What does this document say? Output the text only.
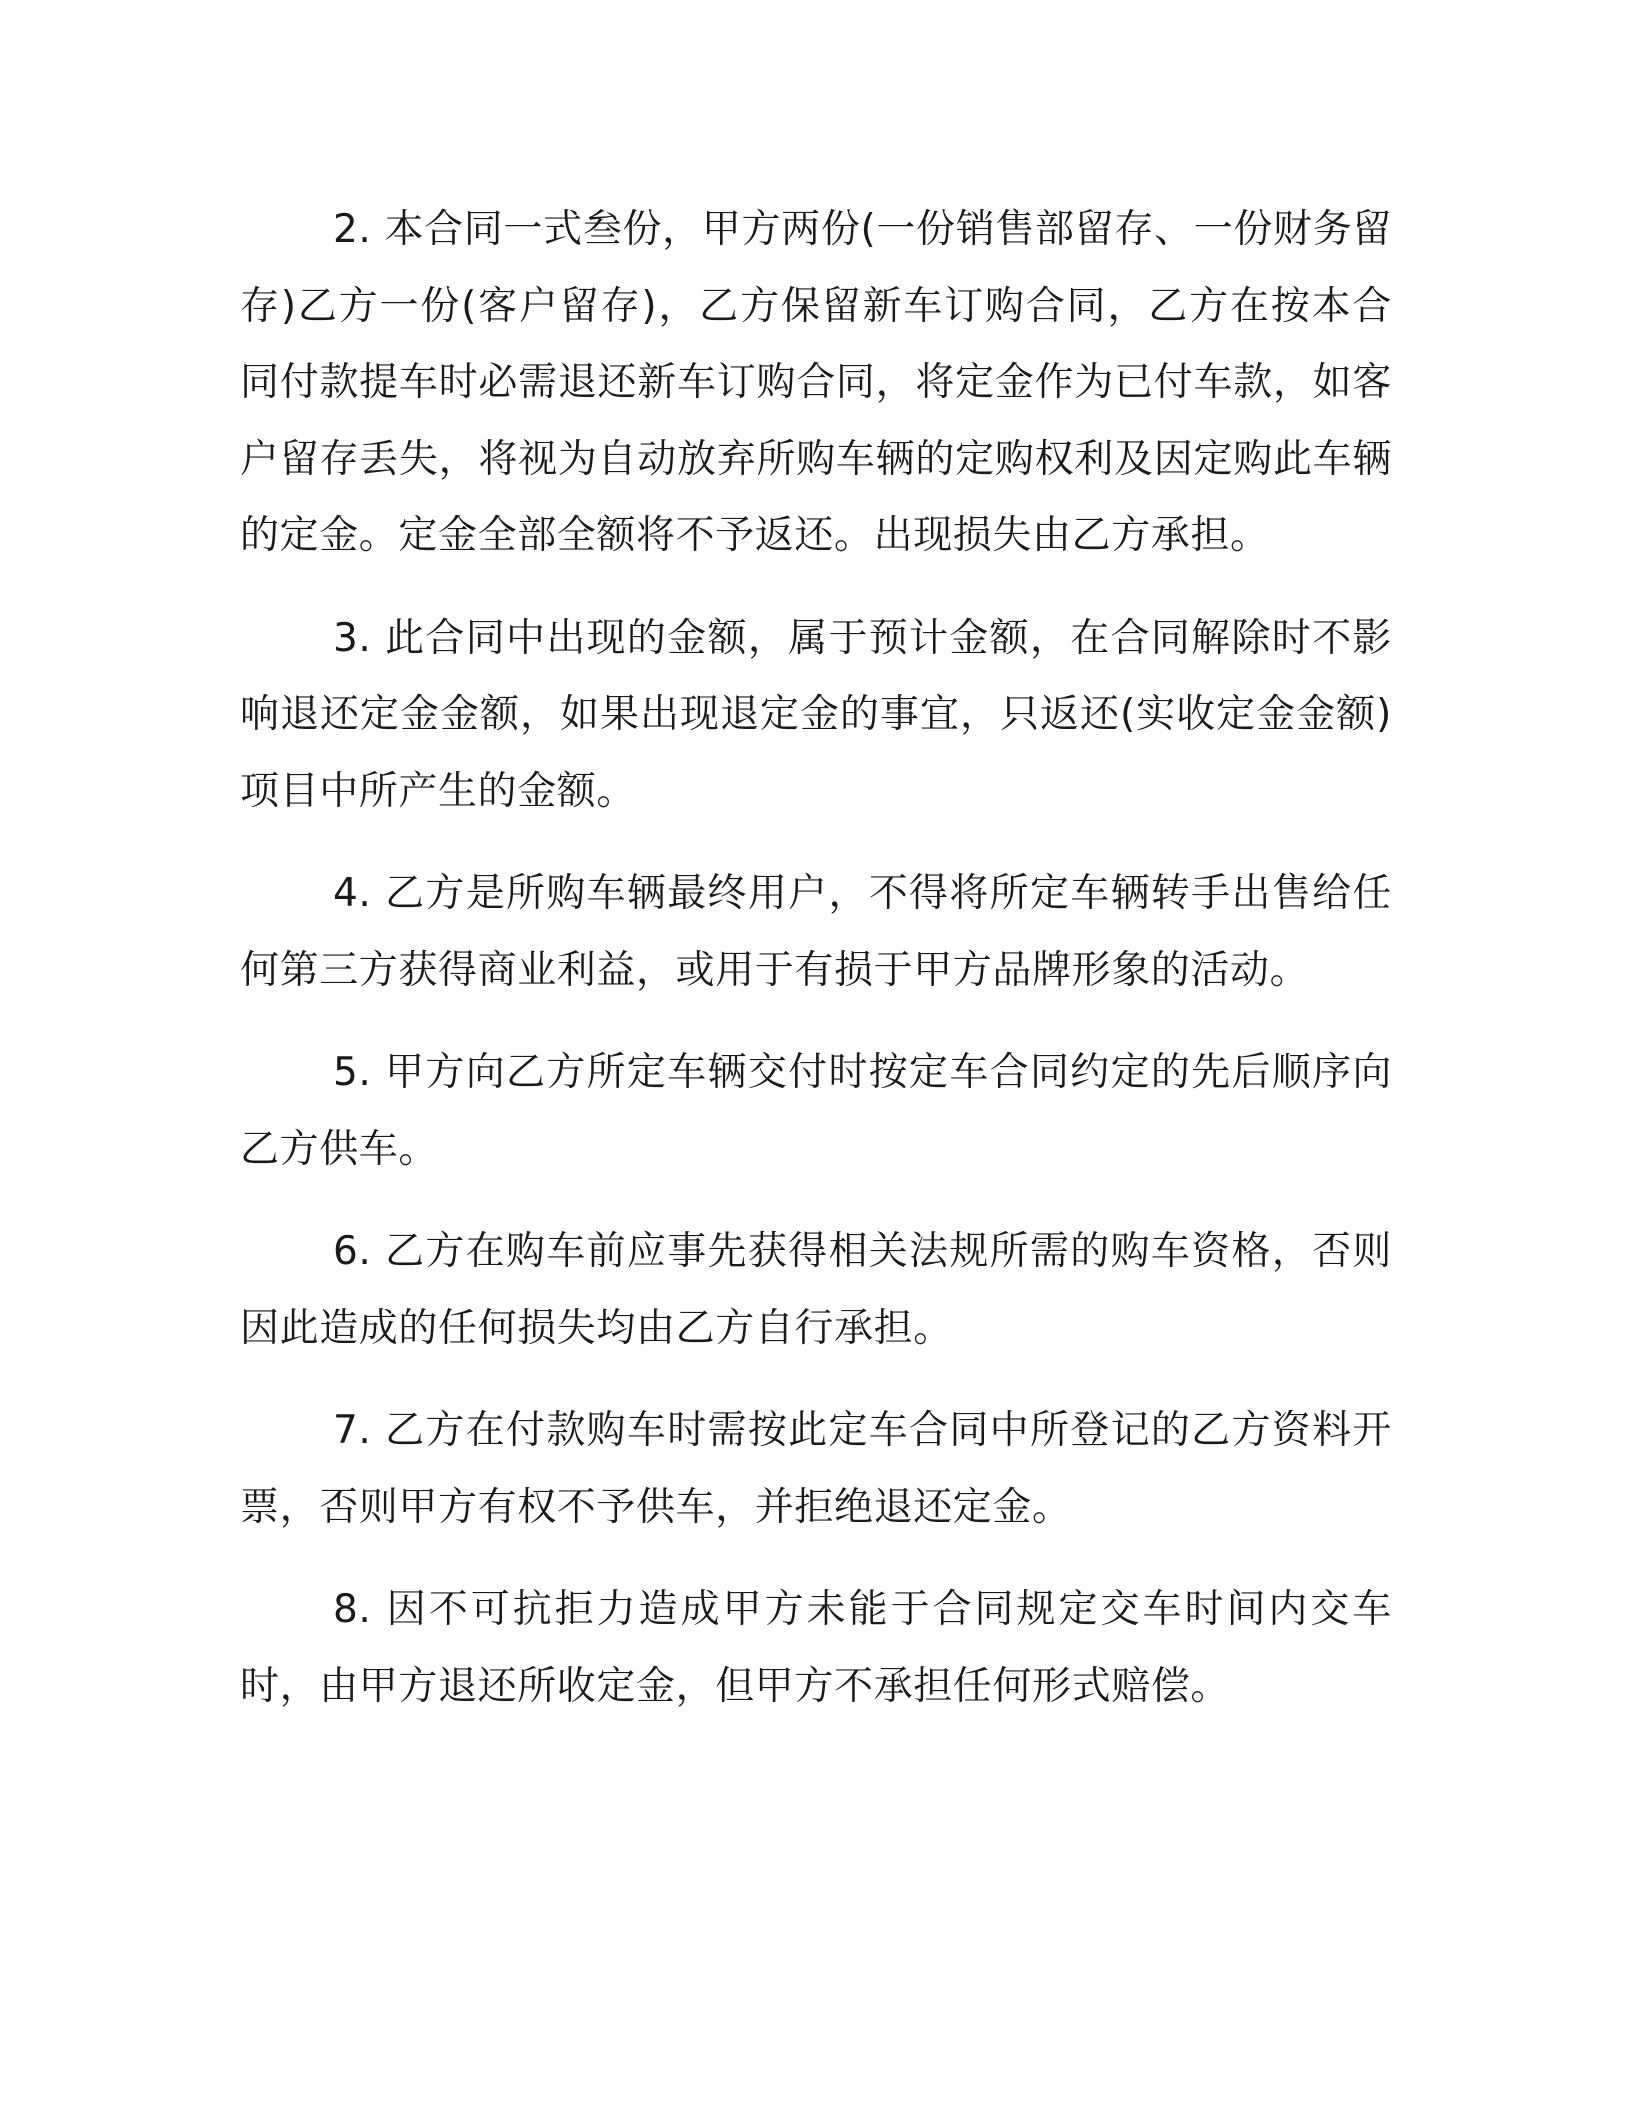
2. 本合同一式叁份，甲方两份(一份销售部留存、一份财务留存)乙方一份(客户留存)，乙方保留新车订购合同，乙方在按本合同付款提车时必需退还新车订购合同，将定金作为已付车款，如客户留存丢失，将视为自动放弃所购车辆的定购权利及因定购此车辆的定金。定金全部全额将不予返还。出现损失由乙方承担。

3. 此合同中出现的金额，属于预计金额，在合同解除时不影响退还定金金额，如果出现退定金的事宜，只返还(实收定金金额)项目中所产生的金额。

4. 乙方是所购车辆最终用户，不得将所定车辆转手出售给任何第三方获得商业利益，或用于有损于甲方品牌形象的活动。

5. 甲方向乙方所定车辆交付时按定车合同约定的先后顺序向乙方供车。

6. 乙方在购车前应事先获得相关法规所需的购车资格，否则因此造成的任何损失均由乙方自行承担。

7. 乙方在付款购车时需按此定车合同中所登记的乙方资料开票，否则甲方有权不予供车，并拒绝退还定金。

8. 因不可抗拒力造成甲方未能于合同规定交车时间内交车时，由甲方退还所收定金，但甲方不承担任何形式赔偿。
